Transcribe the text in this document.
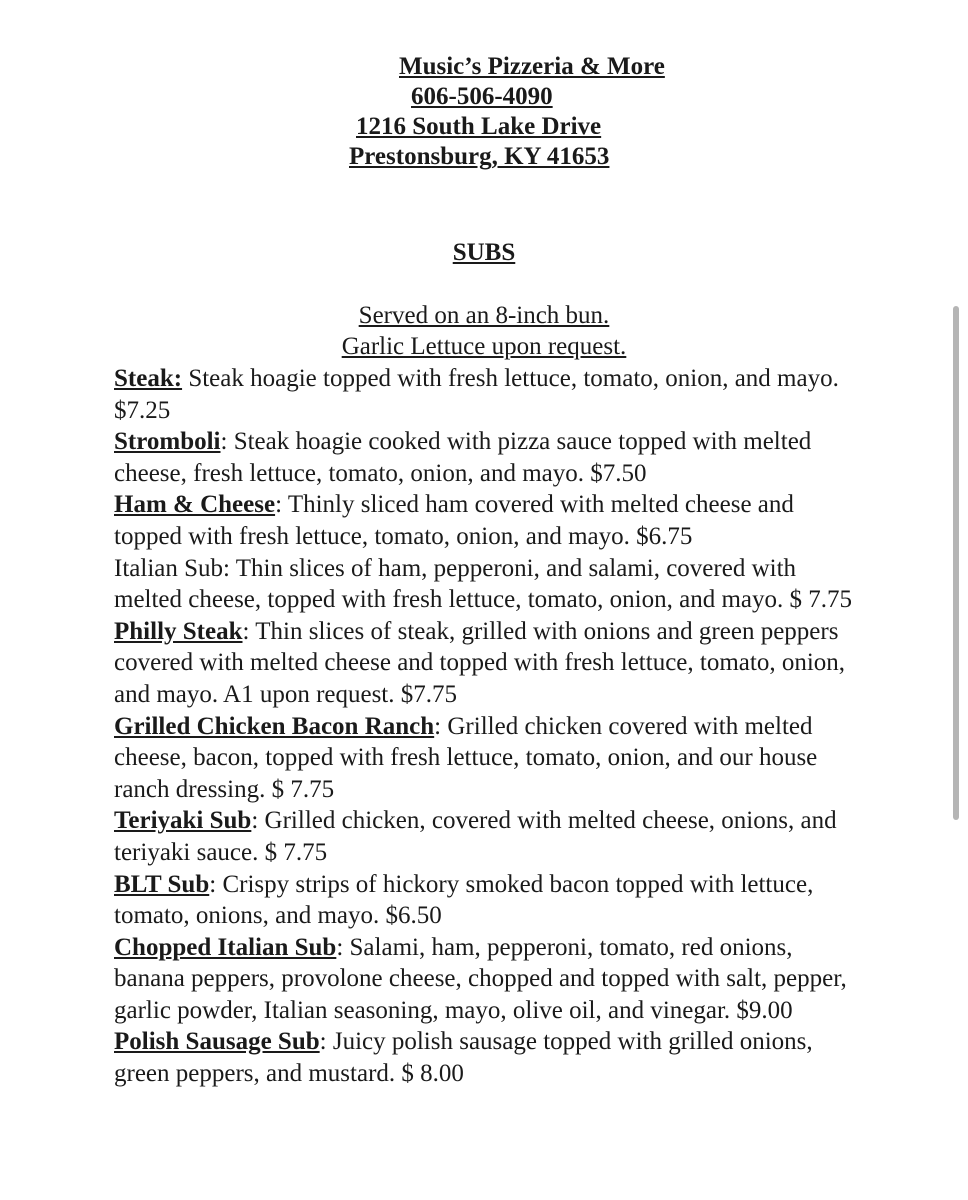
Music’s Pizzeria & More
606-506-4090
1216 South Lake Drive
Prestonsburg, KY 41653
SUBS
Served on an 8-inch bun.
Garlic Lettuce upon request.

Steak: Steak hoagie topped with fresh lettuce, tomato, onion, and mayo. $7.25

Stromboli: Steak hoagie cooked with pizza sauce topped with melted cheese, fresh lettuce, tomato, onion, and mayo. $7.50

Ham & Cheese: Thinly sliced ham covered with melted cheese and topped with fresh lettuce, tomato, onion, and mayo. $6.75

Italian Sub: Thin slices of ham, pepperoni, and salami, covered with melted cheese, topped with fresh lettuce, tomato, onion, and mayo. $ 7.75

Philly Steak: Thin slices of steak, grilled with onions and green peppers covered with melted cheese and topped with fresh lettuce, tomato, onion, and mayo. A1 upon request. $7.75

Grilled Chicken Bacon Ranch: Grilled chicken covered with melted cheese, bacon, topped with fresh lettuce, tomato, onion, and our house ranch dressing. $ 7.75

Teriyaki Sub: Grilled chicken, covered with melted cheese, onions, and teriyaki sauce. $ 7.75

BLT Sub: Crispy strips of hickory smoked bacon topped with lettuce, tomato, onions, and mayo. $6.50

Chopped Italian Sub: Salami, ham, pepperoni, tomato, red onions, banana peppers, provolone cheese, chopped and topped with salt, pepper, garlic powder, Italian seasoning, mayo, olive oil, and vinegar. $9.00

Polish Sausage Sub: Juicy polish sausage topped with grilled onions, green peppers, and mustard. $ 8.00
